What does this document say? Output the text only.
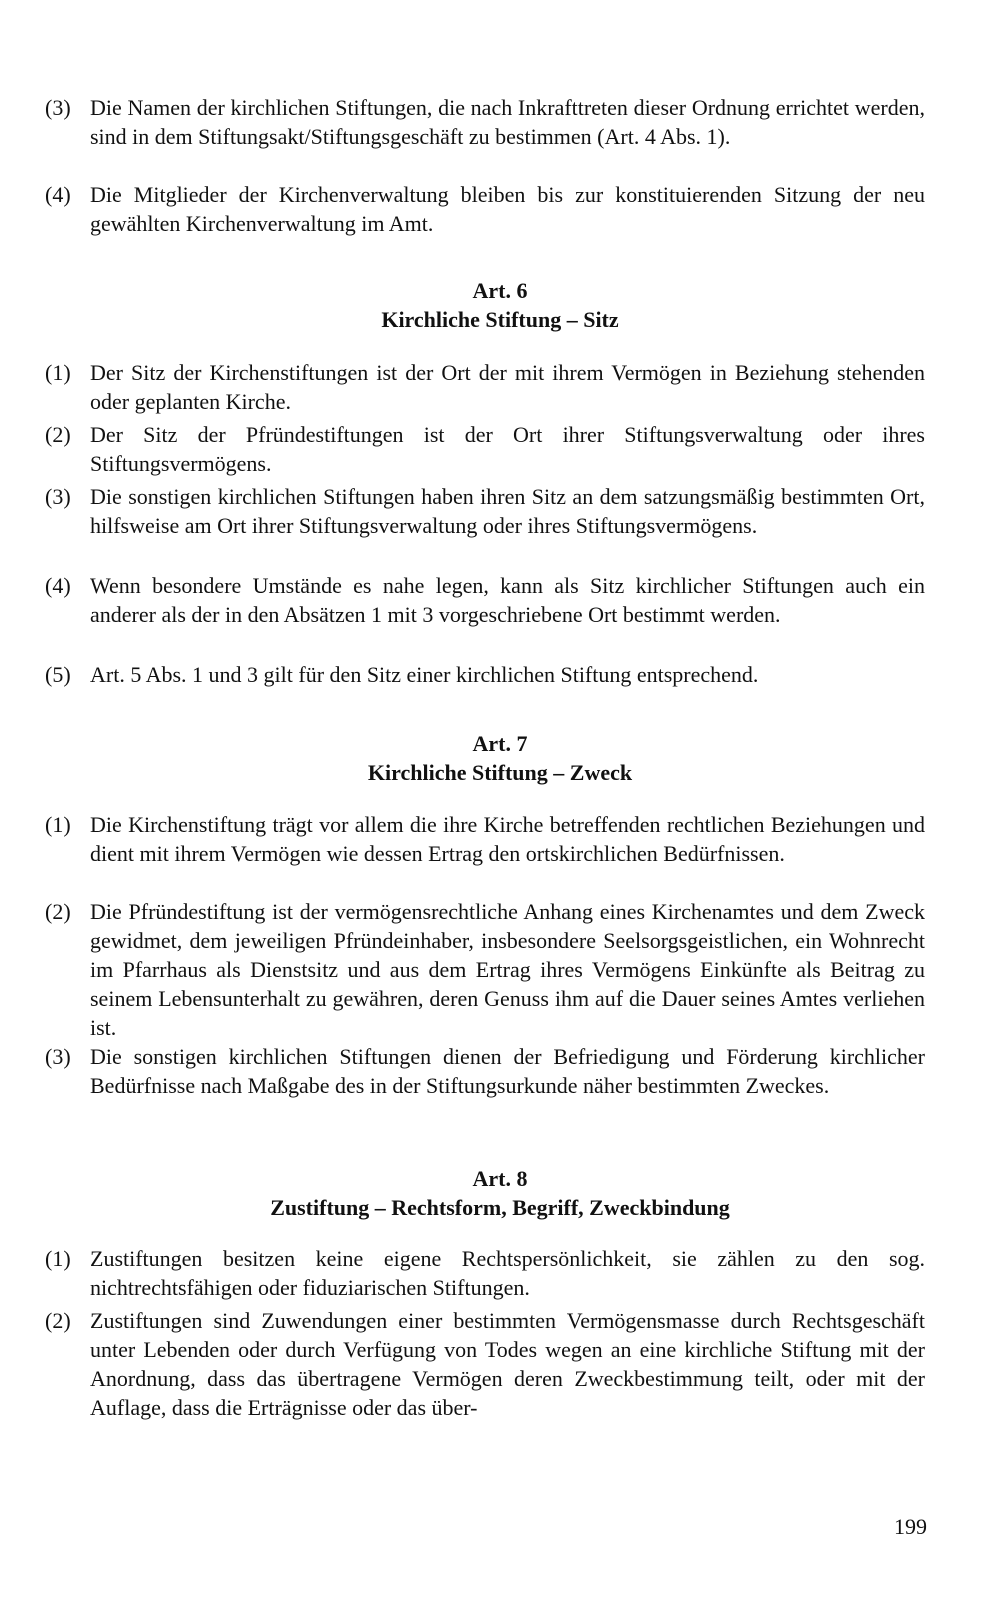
(3) Die Namen der kirchlichen Stiftungen, die nach Inkrafttreten dieser Ordnung errichtet werden, sind in dem Stiftungsakt/Stiftungsgeschäft zu bestimmen (Art. 4 Abs. 1).
(4) Die Mitglieder der Kirchenverwaltung bleiben bis zur konstituierenden Sitzung der neu gewählten Kirchenverwaltung im Amt.
Art. 6
Kirchliche Stiftung – Sitz
(1) Der Sitz der Kirchenstiftungen ist der Ort der mit ihrem Vermögen in Beziehung stehenden oder geplanten Kirche.
(2) Der Sitz der Pfründestiftungen ist der Ort ihrer Stiftungsverwaltung oder ihres Stiftungsvermögens.
(3) Die sonstigen kirchlichen Stiftungen haben ihren Sitz an dem satzungsmäßig bestimmten Ort, hilfsweise am Ort ihrer Stiftungsverwaltung oder ihres Stiftungsvermögens.
(4) Wenn besondere Umstände es nahe legen, kann als Sitz kirchlicher Stiftungen auch ein anderer als der in den Absätzen 1 mit 3 vorgeschriebene Ort bestimmt werden.
(5) Art. 5 Abs. 1 und 3 gilt für den Sitz einer kirchlichen Stiftung entsprechend.
Art. 7
Kirchliche Stiftung – Zweck
(1) Die Kirchenstiftung trägt vor allem die ihre Kirche betreffenden rechtlichen Beziehungen und dient mit ihrem Vermögen wie dessen Ertrag den ortskirchlichen Bedürfnissen.
(2) Die Pfründestiftung ist der vermögensrechtliche Anhang eines Kirchenamtes und dem Zweck gewidmet, dem jeweiligen Pfründeinhaber, insbesondere Seelsorgsgeistlichen, ein Wohnrecht im Pfarrhaus als Dienstsitz und aus dem Ertrag ihres Vermögens Einkünfte als Beitrag zu seinem Lebensunterhalt zu gewähren, deren Genuss ihm auf die Dauer seines Amtes verliehen ist.
(3) Die sonstigen kirchlichen Stiftungen dienen der Befriedigung und Förderung kirchlicher Bedürfnisse nach Maßgabe des in der Stiftungsurkunde näher bestimmten Zweckes.
Art. 8
Zustiftung – Rechtsform, Begriff, Zweckbindung
(1) Zustiftungen besitzen keine eigene Rechtspersönlichkeit, sie zählen zu den sog. nichtrechtsfähigen oder fiduziarischen Stiftungen.
(2) Zustiftungen sind Zuwendungen einer bestimmten Vermögensmasse durch Rechtsgeschäft unter Lebenden oder durch Verfügung von Todes wegen an eine kirchliche Stiftung mit der Anordnung, dass das übertragene Vermögen deren Zweckbestimmung teilt, oder mit der Auflage, dass die Erträgnisse oder das über-
199
